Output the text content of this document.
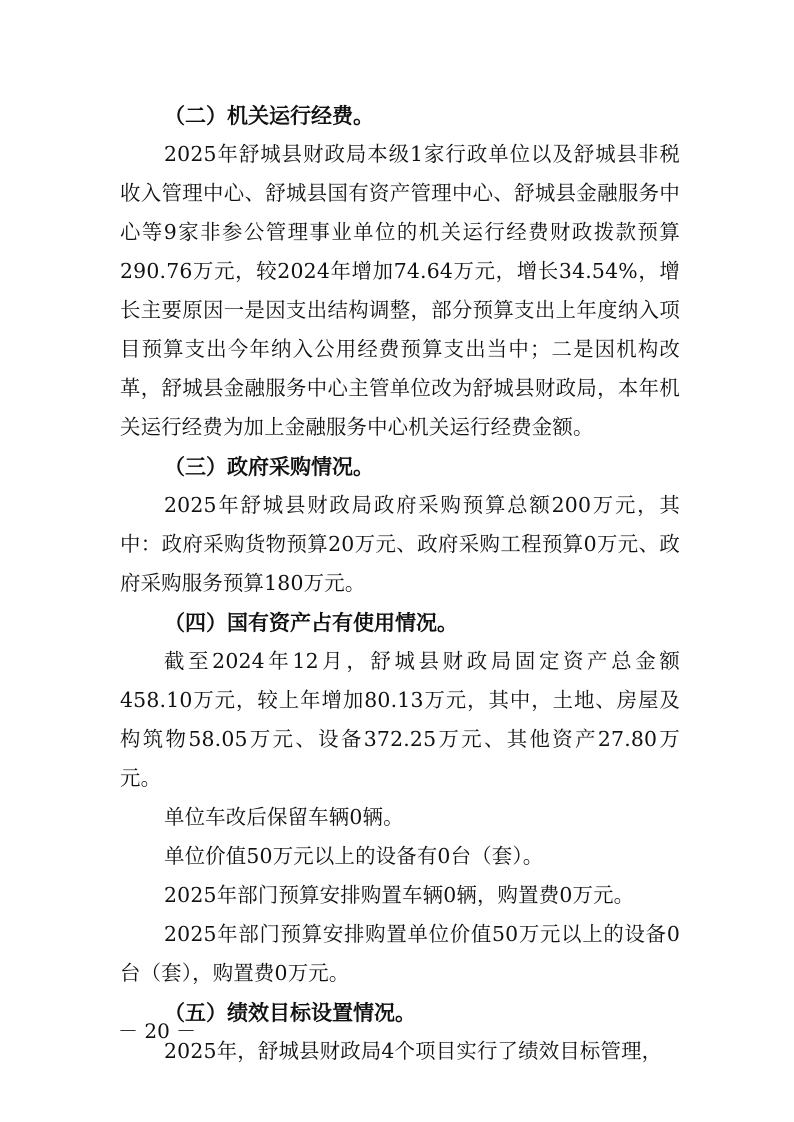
（二）机关运行经费。

2025年舒城县财政局本级1家行政单位以及舒城县非税收入管理中心、舒城县国有资产管理中心、舒城县金融服务中心等9家非参公管理事业单位的机关运行经费财政拨款预算290.76万元，较2024年增加74.64万元，增长34.54%，增长主要原因一是因支出结构调整，部分预算支出上年度纳入项目预算支出今年纳入公用经费预算支出当中；二是因机构改革，舒城县金融服务中心主管单位改为舒城县财政局，本年机关运行经费为加上金融服务中心机关运行经费金额。

（三）政府采购情况。

2025年舒城县财政局政府采购预算总额200万元，其中：政府采购货物预算20万元、政府采购工程预算0万元、政府采购服务预算180万元。

（四）国有资产占有使用情况。

截至2024年12月，舒城县财政局固定资产总金额458.10万元，较上年增加80.13万元，其中，土地、房屋及构筑物58.05万元、设备372.25万元、其他资产27.80万元。

单位车改后保留车辆0辆。

单位价值50万元以上的设备有0台（套）。

2025年部门预算安排购置车辆0辆，购置费0万元。

2025年部门预算安排购置单位价值50万元以上的设备0台（套），购置费0万元。

（五）绩效目标设置情况。

2025年，舒城县财政局4个项目实行了绩效目标管理，

－ 20 －
